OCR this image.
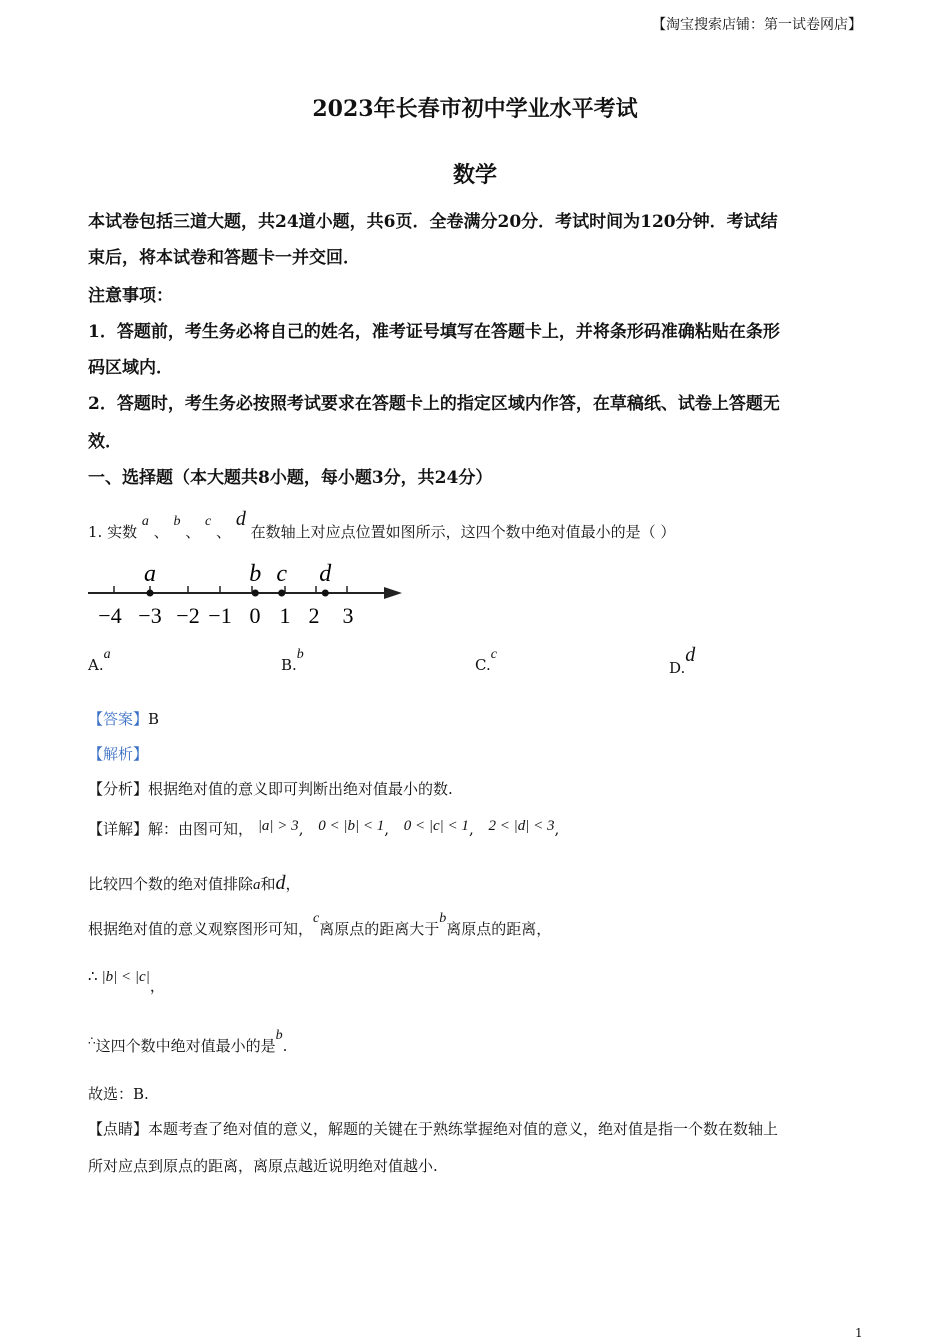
【淘宝搜索店铺：第一试卷网店】
2023年长春市初中学业水平考试
数学
本试卷包括三道大题，共24道小题，共6页．全卷满分20分．考试时间为120分钟．考试结
束后，将本试卷和答题卡一并交回．
注意事项：
1．答题前，考生务必将自己的姓名，准考证号填写在答题卡上，并将条形码准确粘贴在条形
码区域内．
2．答题时，考生务必按照考试要求在答题卡上的指定区域内作答，在草稿纸、试卷上答题无
效．
一、选择题（本大题共8小题，每小题3分，共24分）
1. 实数 a 、 b 、 c 、 d 在数轴上对应点位置如图所示，这四个数中绝对值最小的是（ ）
−4 −3 −2 −1 0 1 2 3
a	b c d
A.a
B.b
C.c
D.d
【答案】B
【解析】
【分析】根据绝对值的意义即可判断出绝对值最小的数.
【详解】解：由图可知， |a| > 3, 0 < |b| < 1, 0 < |c| < 1, 2 < |d| < 3,
比较四个数的绝对值排除a和d，
根据绝对值的意义观察图形可知，c离原点的距离大于b离原点的距离，
∴ |b| < |c|，
∴这四个数中绝对值最小的是b.
故选：B.
【点睛】本题考查了绝对值的意义，解题的关键在于熟练掌握绝对值的意义，绝对值是指一个数在数轴上
所对应点到原点的距离，离原点越近说明绝对值越小.
1
